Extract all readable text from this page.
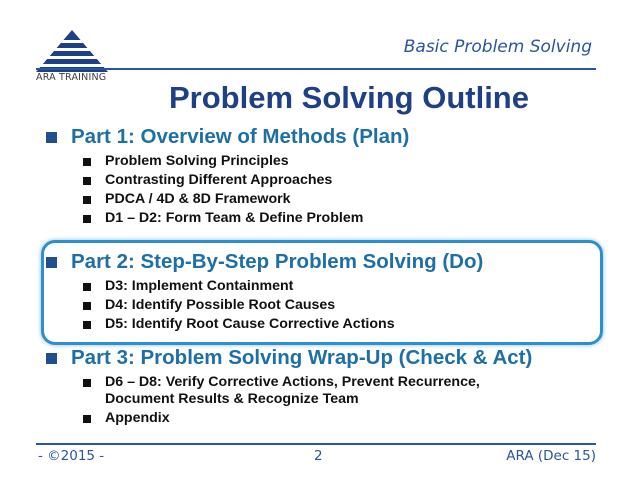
ARA TRAINING
Basic Problem Solving
Problem Solving Outline
Part 1: Overview of Methods (Plan)
Problem Solving Principles
Contrasting Different Approaches
PDCA / 4D & 8D Framework
D1 – D2: Form Team & Define Problem
Part 2: Step-By-Step Problem Solving (Do)
D3: Implement Containment
D4: Identify Possible Root Causes
D5: Identify Root Cause Corrective Actions
Part 3: Problem Solving Wrap-Up (Check & Act)
D6 – D8: Verify Corrective Actions, Prevent Recurrence,
Document Results & Recognize Team
Appendix
- ©2015 -	2	ARA (Dec 15)
